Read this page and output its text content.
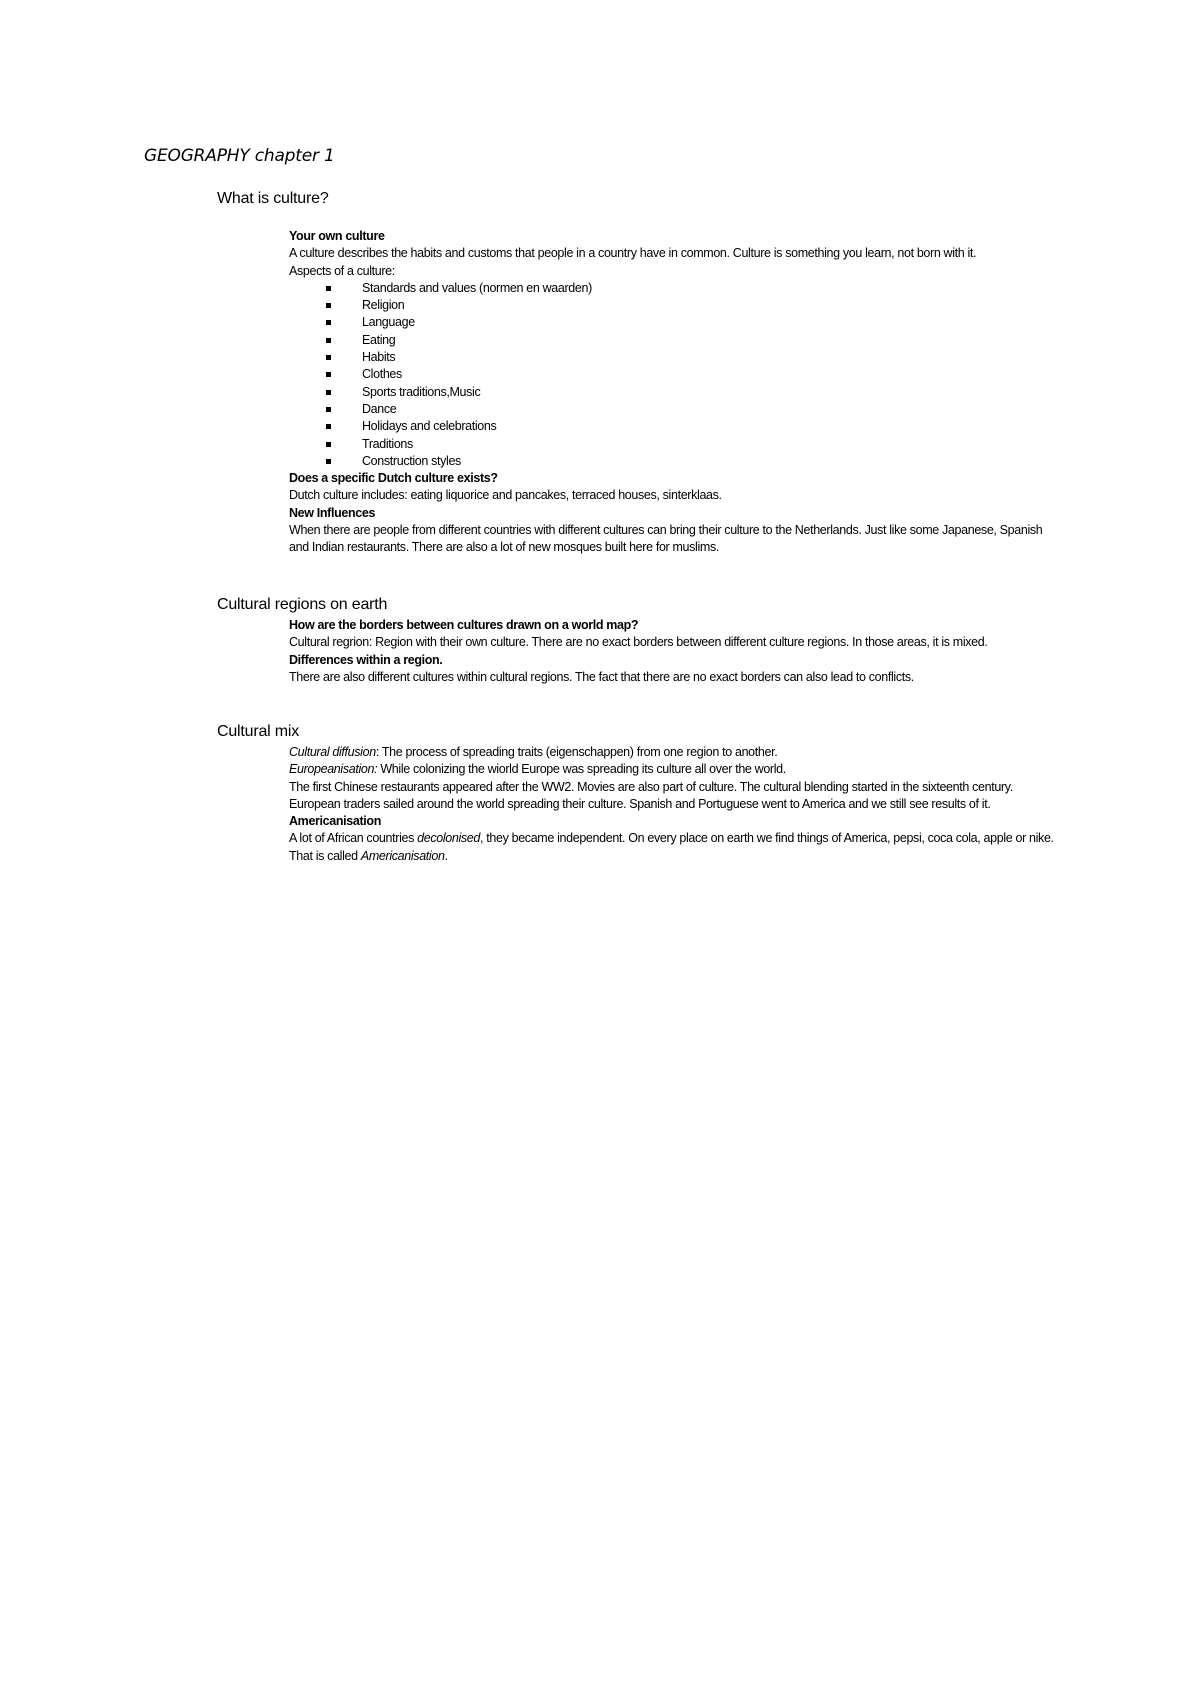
GEOGRAPHY chapter 1
What is culture?

Your own culture

A culture describes the habits and customs that people in a country have in common. Culture is something you learn, not born with it.

Aspects of a culture:

Standards and values (normen en waarden)
Religion
Language
Eating
Habits
Clothes
Sports traditions,Music
Dance
Holidays and celebrations
Traditions
Construction styles

Does a specific Dutch culture exists?

Dutch culture includes: eating liquorice and pancakes, terraced houses, sinterklaas.

New Influences

When there are people from different countries with different cultures can bring their culture to the Netherlands. Just like some Japanese, Spanish and Indian restaurants. There are also a lot of new mosques built here for muslims.

Cultural regions on earth

How are the borders between cultures drawn on a world map?

Cultural regrion: Region with their own culture. There are no exact borders between different culture regions. In those areas, it is mixed.

Differences within a region.

There are also different cultures within cultural regions. The fact that there are no exact borders can also lead to conflicts.

Cultural mix

Cultural diffusion: The process of spreading traits (eigenschappen) from one region to another.

Europeanisation: While colonizing the wiorld Europe was spreading its culture all over the world.

The first Chinese restaurants appeared after the WW2. Movies are also part of culture. The cultural blending started in the sixteenth century. European traders sailed around the world spreading their culture. Spanish and Portuguese went to America and we still see results of it.

Americanisation

A lot of African countries decolonised, they became independent. On every place on earth we find things of America, pepsi, coca cola, apple or nike. That is called Americanisation.
